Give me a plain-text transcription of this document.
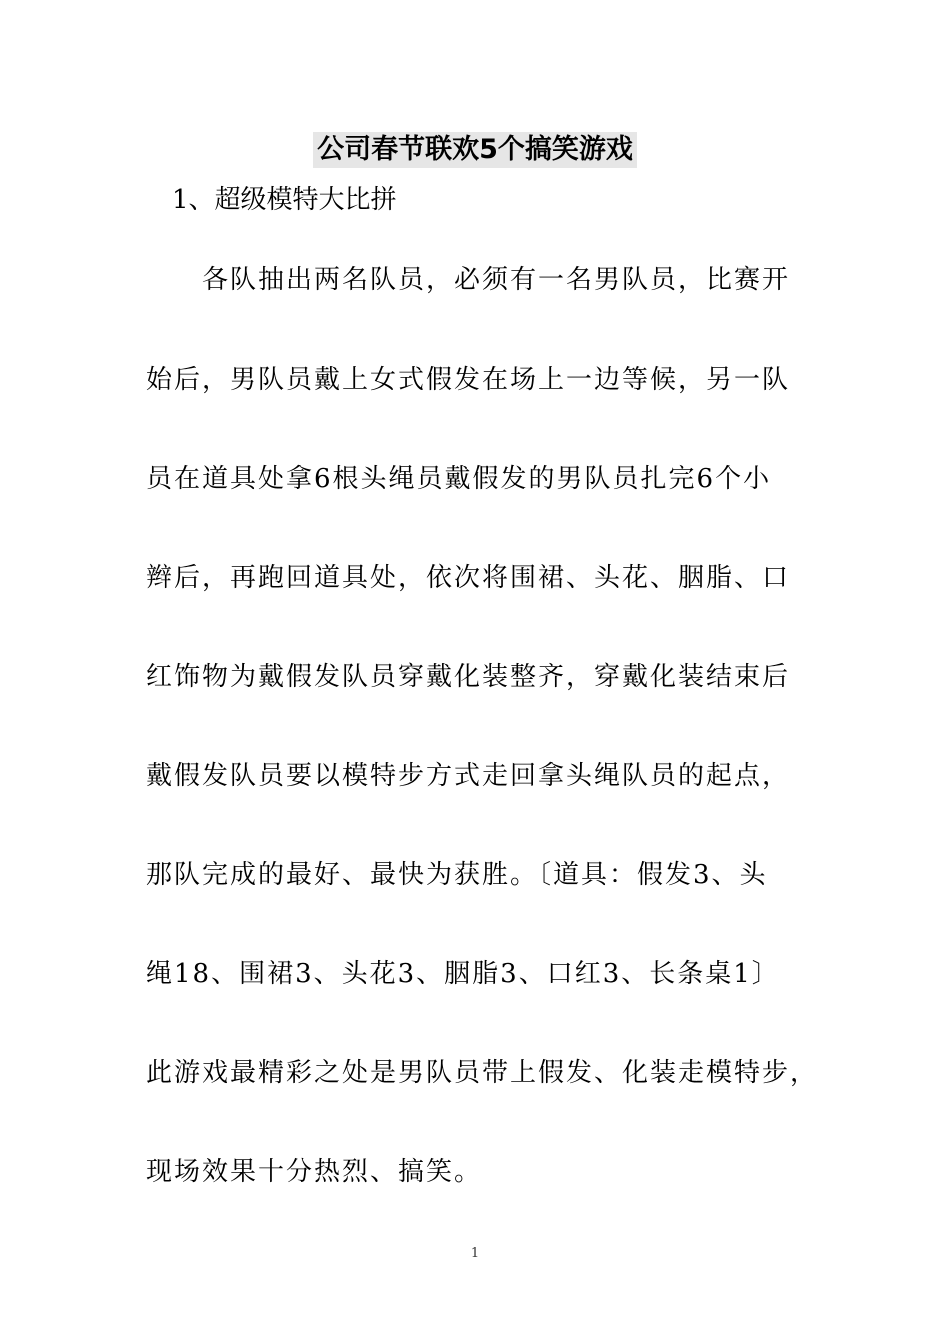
公司春节联欢5个搞笑游戏
1、超级模特大比拼
各队抽出两名队员，必须有一名男队员，比赛开
始后，男队员戴上女式假发在场上一边等候，另一队
员在道具处拿6根头绳员戴假发的男队员扎完6个小
辫后，再跑回道具处，依次将围裙、头花、胭脂、口
红饰物为戴假发队员穿戴化装整齐，穿戴化装结束后
戴假发队员要以模特步方式走回拿头绳队员的起点，
那队完成的最好、最快为获胜。〔道具：假发3、头
绳18、围裙3、头花3、胭脂3、口红3、长条桌1〕
此游戏最精彩之处是男队员带上假发、化装走模特步，
现场效果十分热烈、搞笑。
1
